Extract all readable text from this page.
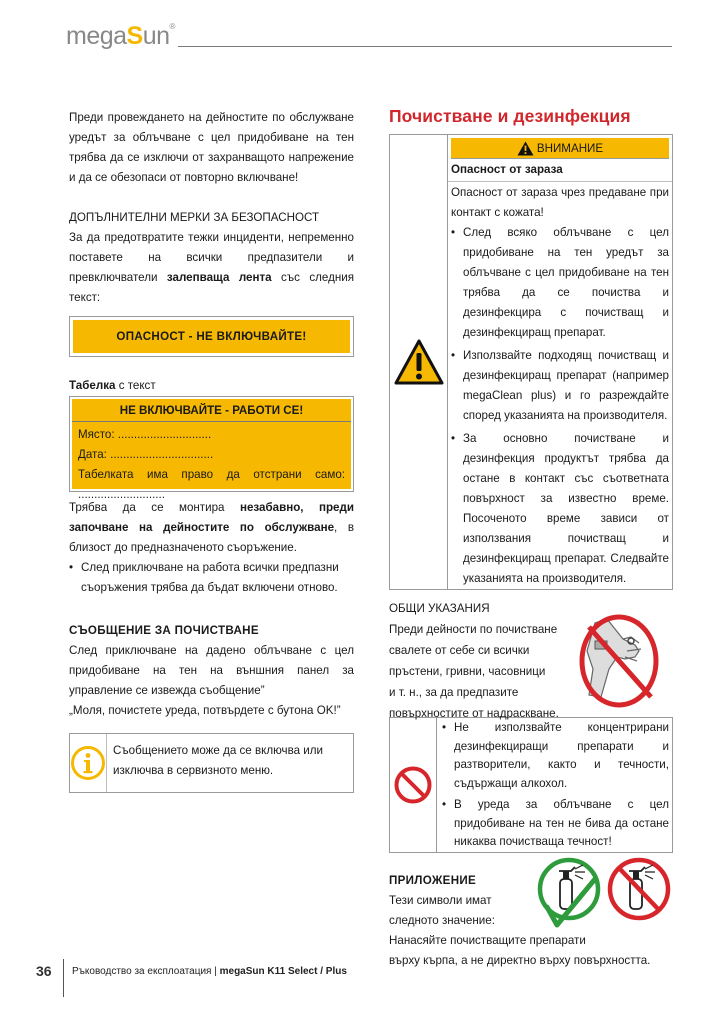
megaSun®

Преди провеждането на дейностите по обслужване уредът за облъчване с цел придобиване на тен трябва да се изключи от захранващото напрежение и да се обезопаси от повторно включване!

ДОПЪЛНИТЕЛНИ МЕРКИ ЗА БЕЗОПАСНОСТ

За да предотвратите тежки инциденти, непременно поставете на всички предпазители и превключватели залепваща лента със следния текст:

ОПАСНОСТ - НЕ ВКЛЮЧВАЙТЕ!

Табелка с текст

НЕ ВКЛЮЧВАЙТЕ - РАБОТИ СЕ!

Място: .............................

Дата: ................................

Табелката има право да отстрани само: ...........................

Трябва да се монтира незабавно, преди започване на дейностите по обслужване, в близост до предназначеното съоръжение.

• След приключване на работа всички предпазни съоръжения трябва да бъдат включени отново.

СЪОБЩЕНИЕ ЗА ПОЧИСТВАНЕ

След приключване на дадено облъчване с цел придобиване на тен на външния панел за управление се извежда съобщение”

„Моля, почистете уреда, потвърдете с бутона OK!”

Съобщението може да се включва или изключва в сервизното меню.

Почистване и дезинфекция

ВНИМАНИЕ

Опасност от зараза

Опасност от зараза чрез предаване при контакт с кожата!

• След всяко облъчване с цел придобиване на тен уредът за облъчване с цел придобиване на тен трябва да се почиства и дезинфекцира с почистващ и дезинфекциращ препарат.

• Използвайте подходящ почистващ и дезинфекциращ препарат (например megaClean plus) и го разреждайте според указанията на производителя.

• За основно почистване и дезинфекция продуктът трябва да остане в контакт със съответната повърхност за известно време. Посоченото време зависи от използвания почистващ и дезинфекциращ препарат. Следвайте указанията на производителя.

ОБЩИ УКАЗАНИЯ

Преди дейности по почистване

свалете от себе си всички

пръстени, гривни, часовници

и т. н., за да предпазите

повърхностите от надраскване.

• Не използвайте концентрирани дезинфекциращи препарати и разтворители, както и течности, съдържащи алкохол.

• В уреда за облъчване с цел придобиване на тен не бива да остане никаква почистваща течност!

ПРИЛОЖЕНИЕ

Тези символи имат

следното значение:

Нанасяйте почистващите препарати

върху кърпа, а не директно върху повърхността.

36 Ръководство за експлоатация | megaSun K11 Select / Plus
